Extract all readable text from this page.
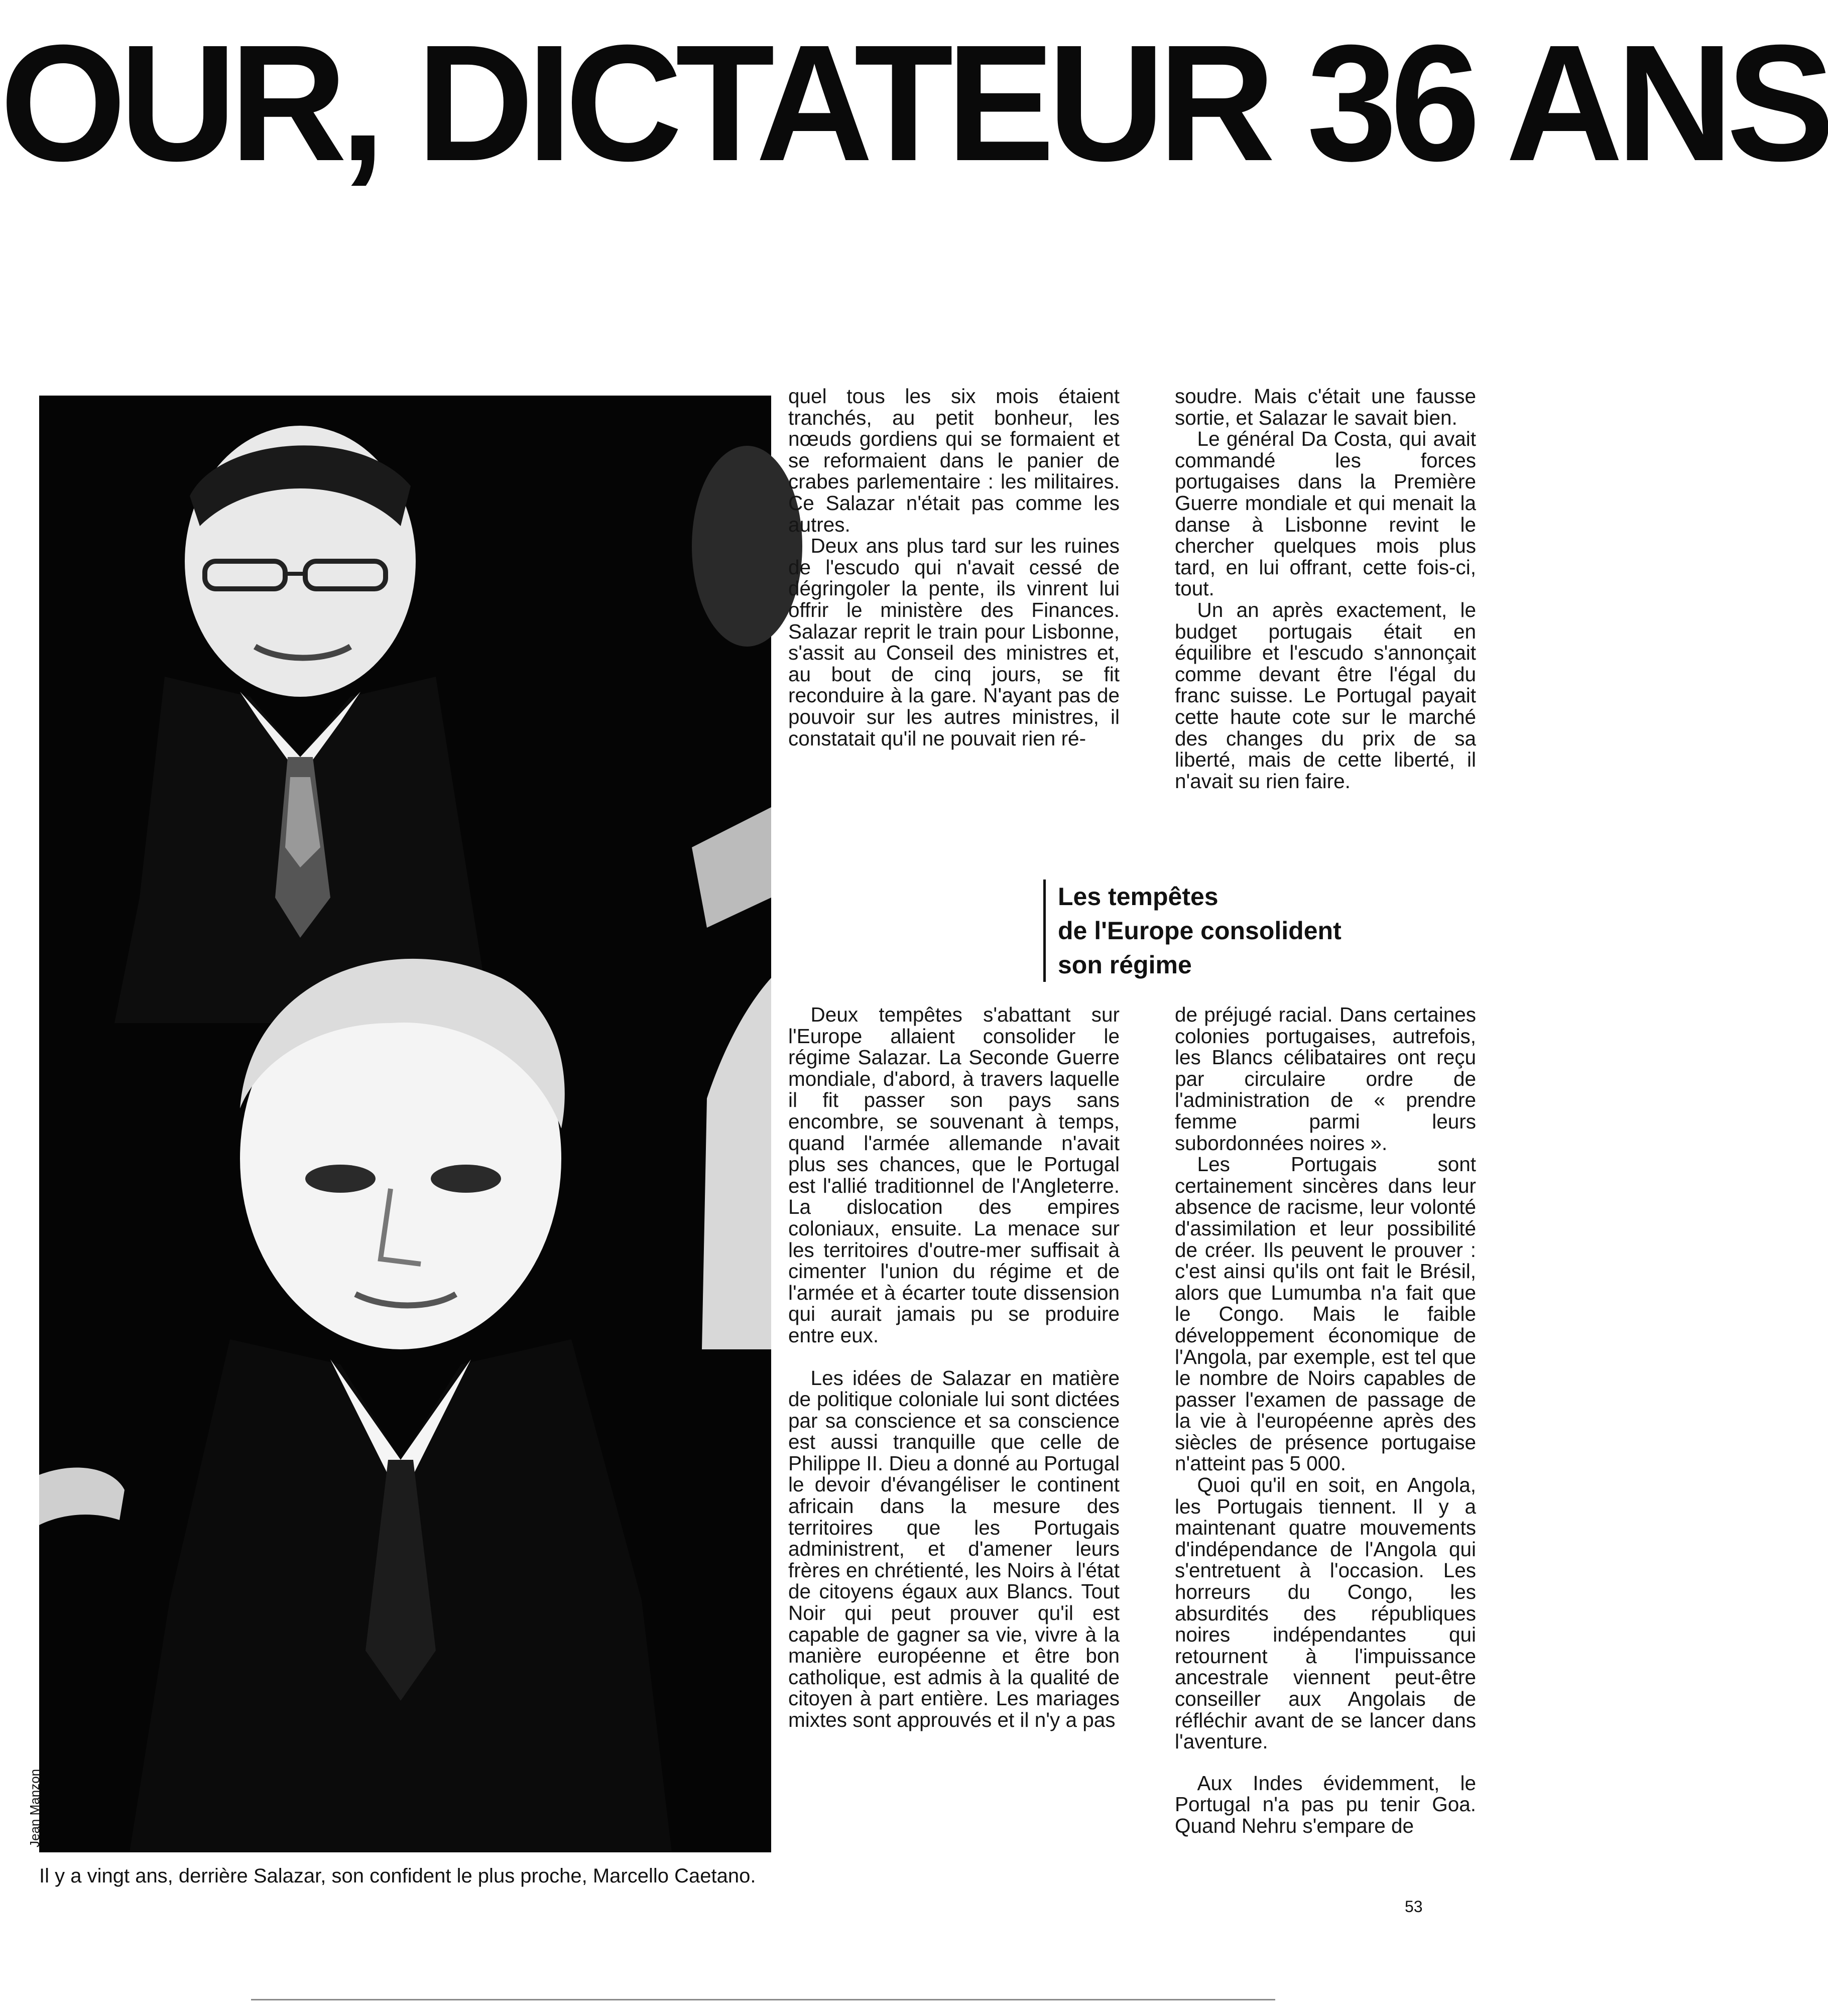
OUR, DICTATEUR 36 ANS
Jean Manzon
Il y a vingt ans, derrière Salazar, son confident le plus proche, Marcello Caetano.

quel tous les six mois étaient tranchés, au petit bonheur, les nœuds gordiens qui se formaient et se reformaient dans le panier de crabes parlementaire : les militaires. Ce Salazar n'était pas comme les autres.

Deux ans plus tard sur les ruines de l'escudo qui n'avait cessé de dégringoler la pente, ils vinrent lui offrir le ministère des Finances. Salazar reprit le train pour Lisbonne, s'assit au Conseil des ministres et, au bout de cinq jours, se fit reconduire à la gare. N'ayant pas de pouvoir sur les autres ministres, il constatait qu'il ne pouvait rien ré-

soudre. Mais c'était une fausse sortie, et Salazar le savait bien.

Le général Da Costa, qui avait commandé les forces portugaises dans la Première Guerre mondiale et qui menait la danse à Lisbonne revint le chercher quelques mois plus tard, en lui offrant, cette fois-ci, tout.

Un an après exactement, le budget portugais était en équilibre et l'escudo s'annonçait comme devant être l'égal du franc suisse. Le Portugal payait cette haute cote sur le marché des changes du prix de sa liberté, mais de cette liberté, il n'avait su rien faire.

Les tempêtes
de l'Europe consolident
son régime

Deux tempêtes s'abattant sur l'Europe allaient consolider le régime Salazar. La Seconde Guerre mondiale, d'abord, à travers laquelle il fit passer son pays sans encombre, se souvenant à temps, quand l'armée allemande n'avait plus ses chances, que le Portugal est l'allié traditionnel de l'Angleterre. La dislocation des empires coloniaux, ensuite. La menace sur les territoires d'outre-mer suffisait à cimenter l'union du régime et de l'armée et à écarter toute dissension qui aurait jamais pu se produire entre eux.

Les idées de Salazar en matière de politique coloniale lui sont dictées par sa conscience et sa conscience est aussi tranquille que celle de Philippe II. Dieu a donné au Portugal le devoir d'évangéliser le continent africain dans la mesure des territoires que les Portugais administrent, et d'amener leurs frères en chrétienté, les Noirs à l'état de citoyens égaux aux Blancs. Tout Noir qui peut prouver qu'il est capable de gagner sa vie, vivre à la manière européenne et être bon catholique, est admis à la qualité de citoyen à part entière. Les mariages mixtes sont approuvés et il n'y a pas

de préjugé racial. Dans certaines colonies portugaises, autrefois, les Blancs célibataires ont reçu par circulaire ordre de l'administration de « prendre femme parmi leurs subordonnées noires ».

Les Portugais sont certainement sincères dans leur absence de racisme, leur volonté d'assimilation et leur possibilité de créer. Ils peuvent le prouver : c'est ainsi qu'ils ont fait le Brésil, alors que Lumumba n'a fait que le Congo. Mais le faible développement économique de l'Angola, par exemple, est tel que le nombre de Noirs capables de passer l'examen de passage de la vie à l'européenne après des siècles de présence portugaise n'atteint pas 5 000.

Quoi qu'il en soit, en Angola, les Portugais tiennent. Il y a maintenant quatre mouvements d'indépendance de l'Angola qui s'entretuent à l'occasion. Les horreurs du Congo, les absurdités des républiques noires indépendantes qui retournent à l'impuissance ancestrale viennent peut-être conseiller aux Angolais de réfléchir avant de se lancer dans l'aventure.

Aux Indes évidemment, le Portugal n'a pas pu tenir Goa. Quand Nehru s'empare de

53
